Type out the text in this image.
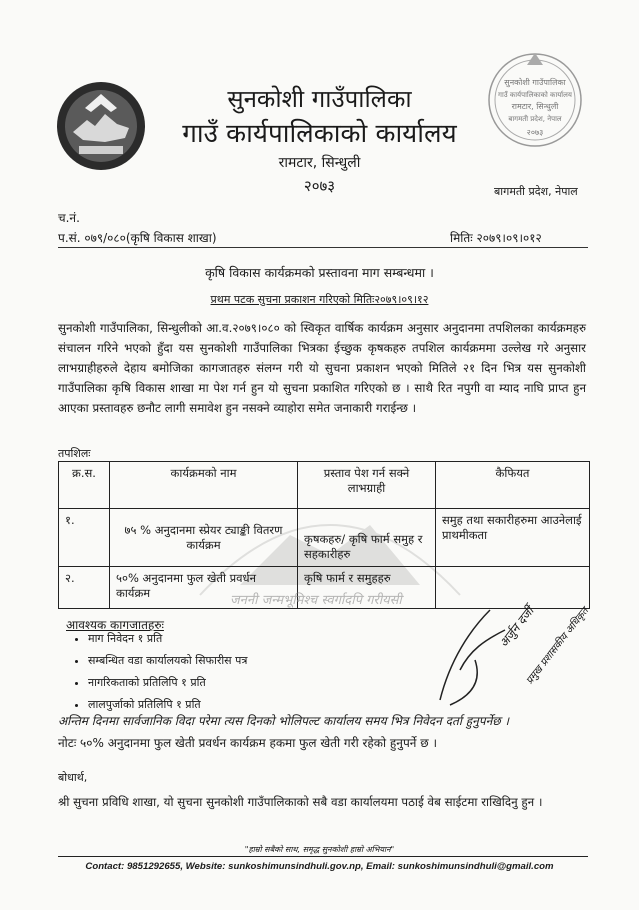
सुनकोशी गाउँपालिका
गाउँ कार्यपालिकाको कार्यालय
रामटार, सिन्धुली
बागमती प्रदेश, नेपाल
२०७३
सुनकोशी गाउँपालिका
गाउँ कार्यपालिकाको कार्यालय
रामटार, सिन्धुली
२०७३	बागमती प्रदेश, नेपाल
च.नं.
प.सं. ०७९/०८०(कृषि विकास शाखा)	मितिः २०७९।०९।०१२
कृषि विकास कार्यक्रमको प्रस्तावना माग सम्बन्धमा ।
प्रथम पटक सुचना प्रकाशन गरिएको मितिः२०७९।०९।१२
सुनकोशी गाउँपालिका, सिन्धुलीको आ.व.२०७९।०८० को स्विकृत वार्षिक कार्यक्रम अनुसार अनुदानमा तपशिलका कार्यक्रमहरु संचालन गरिने भएको हुँदा यस सुनकोशी गाउँपालिका भित्रका ईच्छुक कृषकहरु तपशिल कार्यक्रममा उल्लेख गरे अनुसार लाभग्राहीहरुले देहाय बमोजिका कागजातहरु संलग्न गरी यो सुचना प्रकाशन भएको मितिले २१ दिन भित्र यस सुनकोशी गाउँपालिका कृषि विकास शाखा मा पेश गर्न हुन यो सुचना प्रकाशित गरिएको छ । साथै रित नपुगी वा म्याद नाघि प्राप्त हुन आएका प्रस्तावहरु छनौट लागी समावेश हुन नसक्ने व्याहोरा समेत जनाकारी गराईन्छ ।
तपशिलः
क्र.स.	कार्यक्रमको नाम	प्रस्ताव पेश गर्न सक्ने लाभग्राही	कैफियत
१.	७५ % अनुदानमा स्प्रेयर ट्याङ्की वितरण कार्यक्रम	कृषकहरु/ कृषि फार्म समुह र सहकारीहरु	समुह तथा सकारीहरुमा आउनेलाई प्राथमीकता
२.	५०% अनुदानमा फुल खेती प्रवर्धन कार्यक्रम	कृषि फार्म र समुहहरु	
जननी जन्मभूमिश्च स्वर्गादपि गरीयसी
आवश्यक कागजातहरुः
• माग निवेदन १ प्रति
• सम्बन्धित वडा कार्यालयको सिफारीस पत्र
• नागरिकताको प्रतिलिपि १ प्रति
• लालपुर्जाको प्रतिलिपि १ प्रति
अर्जुन दर्जी
प्रमुख प्रशासकीय अधिकृत
अन्तिम दिनमा सार्वजानिक विदा परेमा त्यस दिनको भोलिपल्ट कार्यालय समय भित्र निवेदन दर्ता हुनुपर्नेछ ।
नोटः ५०% अनुदानमा फुल खेती प्रवर्धन कार्यक्रम हकमा फुल खेती गरी रहेको हुनुपर्ने छ ।
बोधार्थ,
श्री सुचना प्रविधि शाखा, यो सुचना सुनकोशी गाउँपालिकाको सबै वडा कार्यालयमा पठाई वेब साईटमा राखिदिनु हुन ।
"हाम्रो सबैको साथ, समृद्ध सुनकोशी हाम्रो अभियान"
Contact: 9851292655, Website: sunkoshimunsindhuli.gov.np, Email: sunkoshimunsindhuli@gmail.com
